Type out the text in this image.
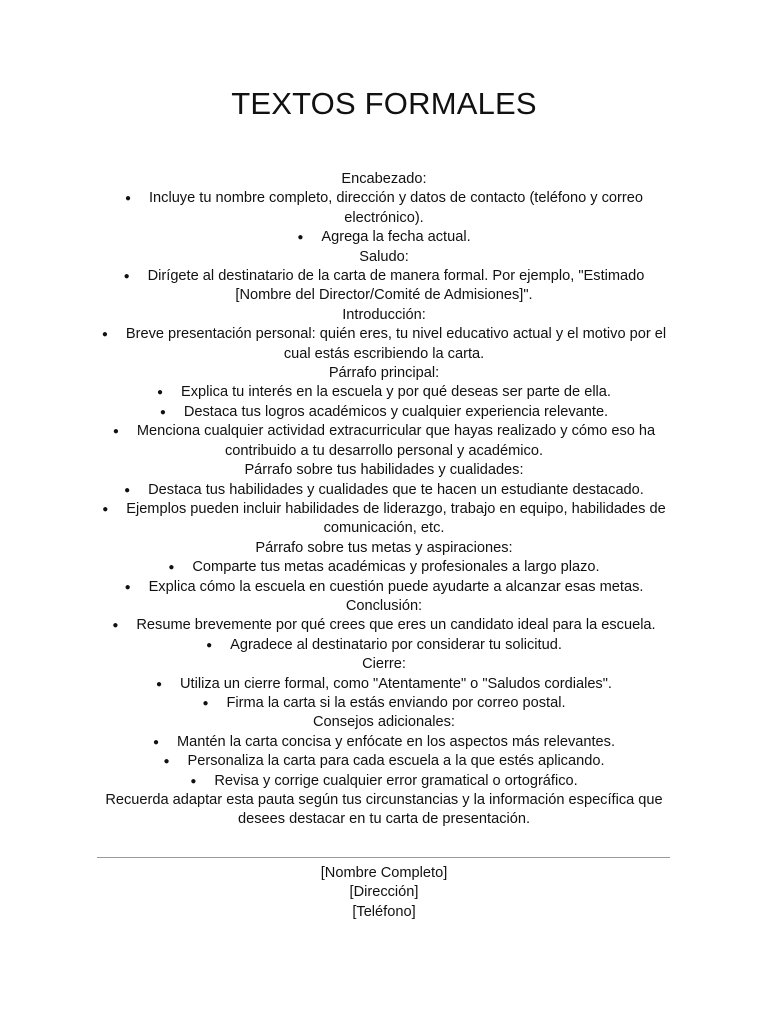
TEXTOS FORMALES
Encabezado:
● Incluye tu nombre completo, dirección y datos de contacto (teléfono y correo electrónico).
● Agrega la fecha actual.
Saludo:
● Dirígete al destinatario de la carta de manera formal. Por ejemplo, "Estimado [Nombre del Director/Comité de Admisiones]".
Introducción:
● Breve presentación personal: quién eres, tu nivel educativo actual y el motivo por el cual estás escribiendo la carta.
Párrafo principal:
● Explica tu interés en la escuela y por qué deseas ser parte de ella.
● Destaca tus logros académicos y cualquier experiencia relevante.
● Menciona cualquier actividad extracurricular que hayas realizado y cómo eso ha contribuido a tu desarrollo personal y académico.
Párrafo sobre tus habilidades y cualidades:
● Destaca tus habilidades y cualidades que te hacen un estudiante destacado.
● Ejemplos pueden incluir habilidades de liderazgo, trabajo en equipo, habilidades de comunicación, etc.
Párrafo sobre tus metas y aspiraciones:
● Comparte tus metas académicas y profesionales a largo plazo.
● Explica cómo la escuela en cuestión puede ayudarte a alcanzar esas metas.
Conclusión:
● Resume brevemente por qué crees que eres un candidato ideal para la escuela.
● Agradece al destinatario por considerar tu solicitud.
Cierre:
● Utiliza un cierre formal, como "Atentamente" o "Saludos cordiales".
● Firma la carta si la estás enviando por correo postal.
Consejos adicionales:
● Mantén la carta concisa y enfócate en los aspectos más relevantes.
● Personaliza la carta para cada escuela a la que estés aplicando.
● Revisa y corrige cualquier error gramatical o ortográfico.
Recuerda adaptar esta pauta según tus circunstancias y la información específica que desees destacar en tu carta de presentación.
[Nombre Completo]
[Dirección]
[Teléfono]
